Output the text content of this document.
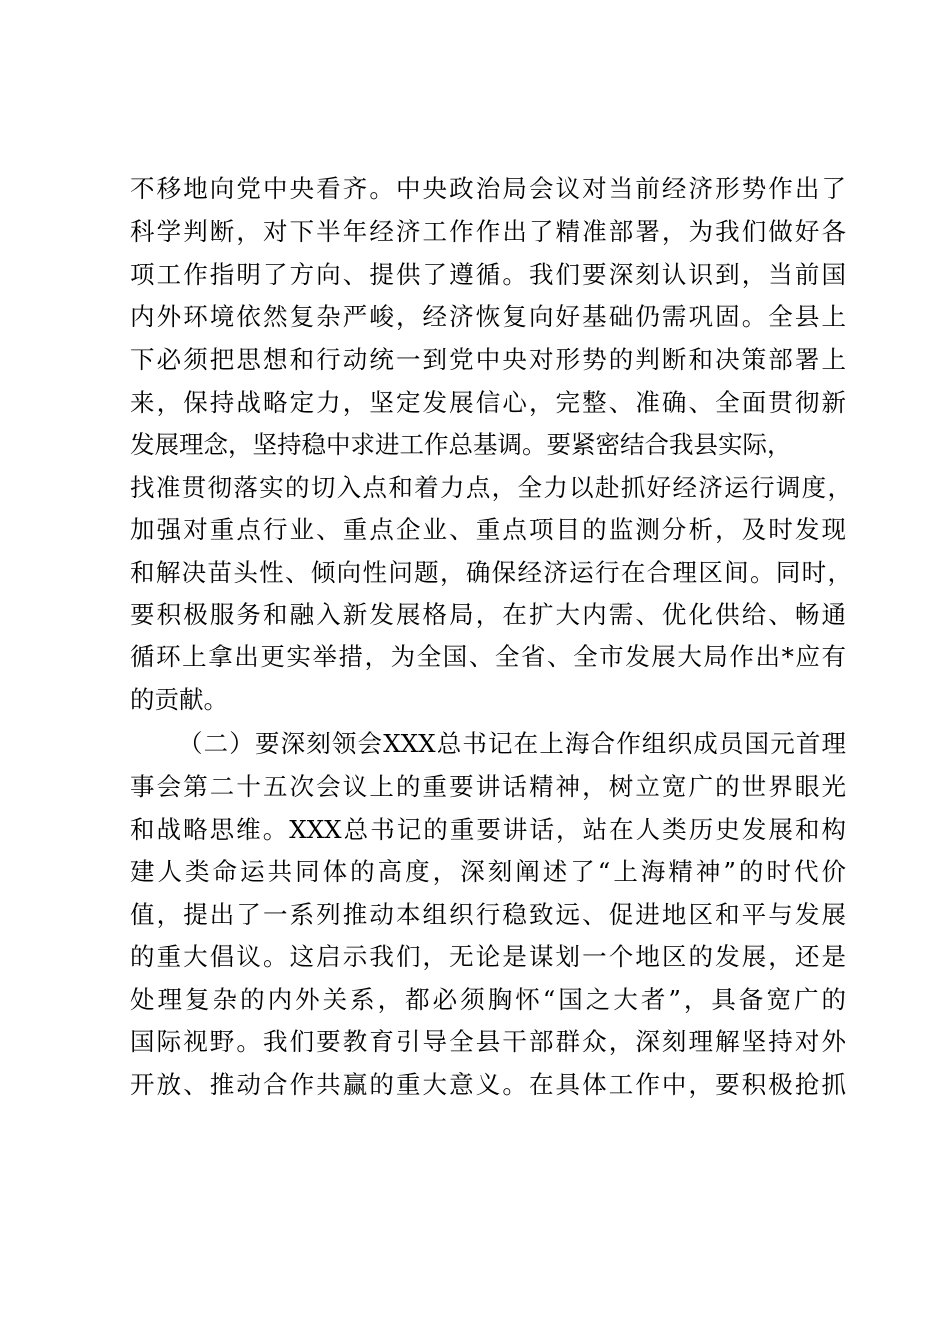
不移地向党中央看齐。中央政治局会议对当前经济形势作出了
科学判断，对下半年经济工作作出了精准部署，为我们做好各
项工作指明了方向、提供了遵循。我们要深刻认识到，当前国
内外环境依然复杂严峻，经济恢复向好基础仍需巩固。全县上
下必须把思想和行动统一到党中央对形势的判断和决策部署上
来，保持战略定力，坚定发展信心，完整、准确、全面贯彻新
发展理念，坚持稳中求进工作总基调。要紧密结合我县实际，
找准贯彻落实的切入点和着力点，全力以赴抓好经济运行调度，
加强对重点行业、重点企业、重点项目的监测分析，及时发现
和解决苗头性、倾向性问题，确保经济运行在合理区间。同时，
要积极服务和融入新发展格局，在扩大内需、优化供给、畅通
循环上拿出更实举措，为全国、全省、全市发展大局作出*应有
的贡献。
（二）要深刻领会XXX总书记在上海合作组织成员国元首理
事会第二十五次会议上的重要讲话精神，树立宽广的世界眼光
和战略思维。XXX总书记的重要讲话，站在人类历史发展和构
建人类命运共同体的高度，深刻阐述了“上海精神”的时代价
值，提出了一系列推动本组织行稳致远、促进地区和平与发展
的重大倡议。这启示我们，无论是谋划一个地区的发展，还是
处理复杂的内外关系，都必须胸怀“国之大者”，具备宽广的
国际视野。我们要教育引导全县干部群众，深刻理解坚持对外
开放、推动合作共赢的重大意义。在具体工作中，要积极抢抓
